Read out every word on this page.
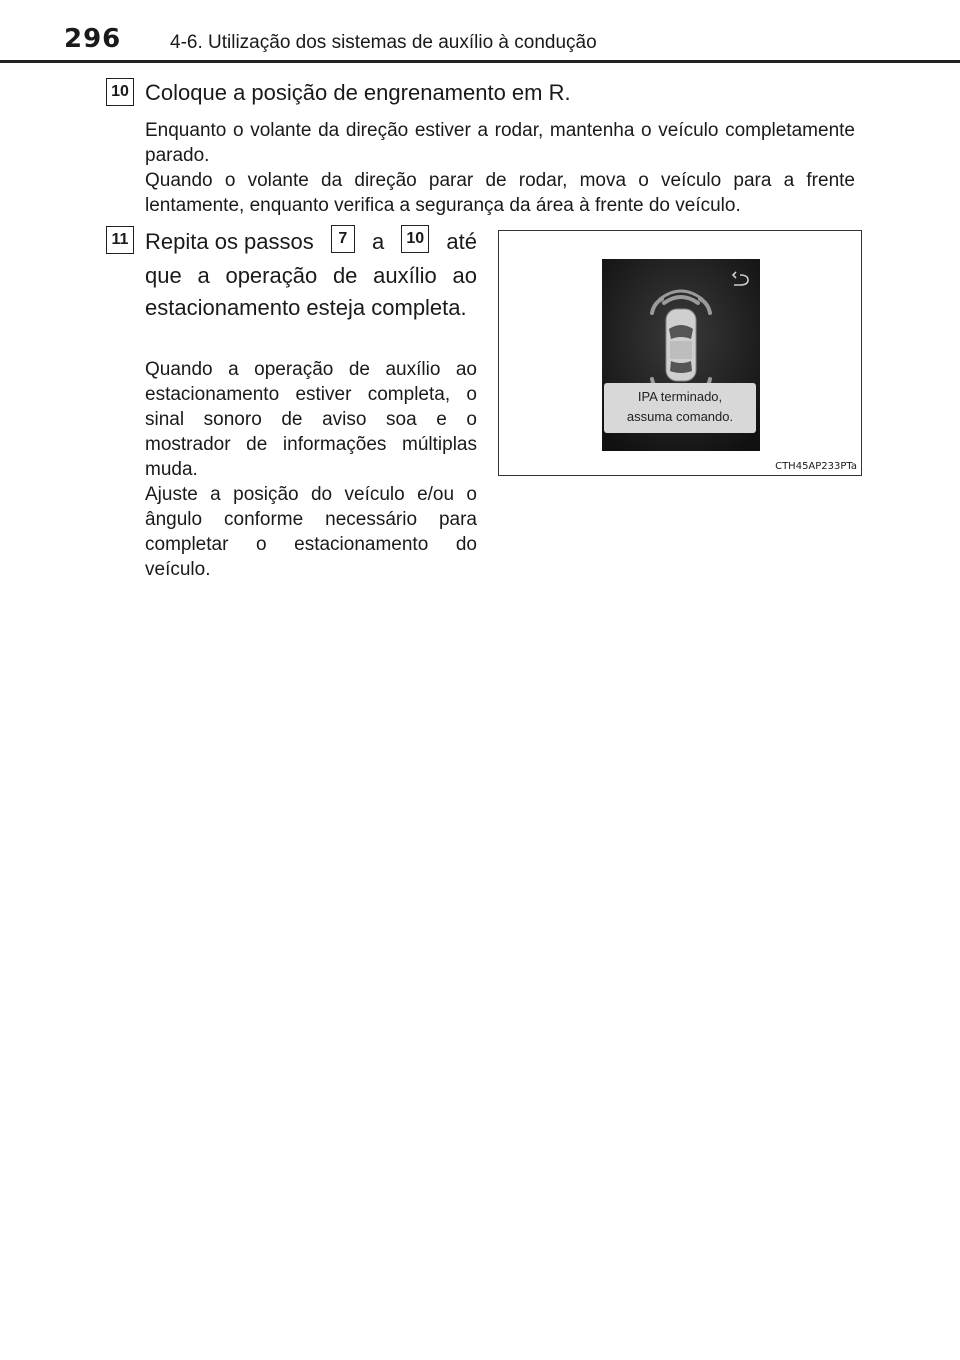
296	4-6. Utilização dos sistemas de auxílio à condução
10 Coloque a posição de engrenamento em R.
Enquanto o volante da direção estiver a rodar, mantenha o veículo completamente parado.
Quando o volante da direção parar de rodar, mova o veículo para a frente lentamente, enquanto verifica a segurança da área à frente do veículo.
11 Repita os passos	7	a	10 até
que a operação de auxílio ao estacionamento esteja completa.
Quando a operação de auxílio ao estacionamento estiver completa, o sinal sonoro de aviso soa e o mostrador de informações múltiplas muda.
Ajuste a posição do veículo e/ou o ângulo conforme necessário para completar o estacionamento do veículo.
IPA terminado,
assuma comando.
CTH45AP233PTa
